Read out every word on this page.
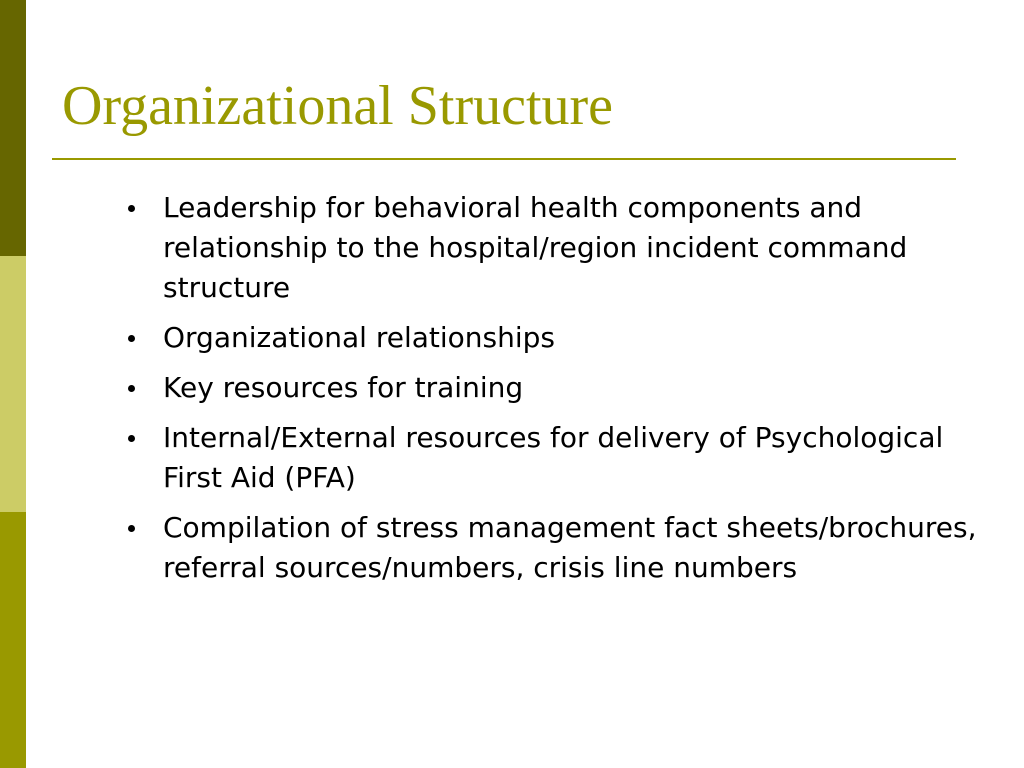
Organizational Structure
Leadership for behavioral health components and relationship to the hospital/region incident command structure
Organizational relationships
Key resources for training
Internal/External resources for delivery of Psychological First Aid (PFA)
Compilation of stress management fact sheets/brochures, referral sources/numbers, crisis line numbers
